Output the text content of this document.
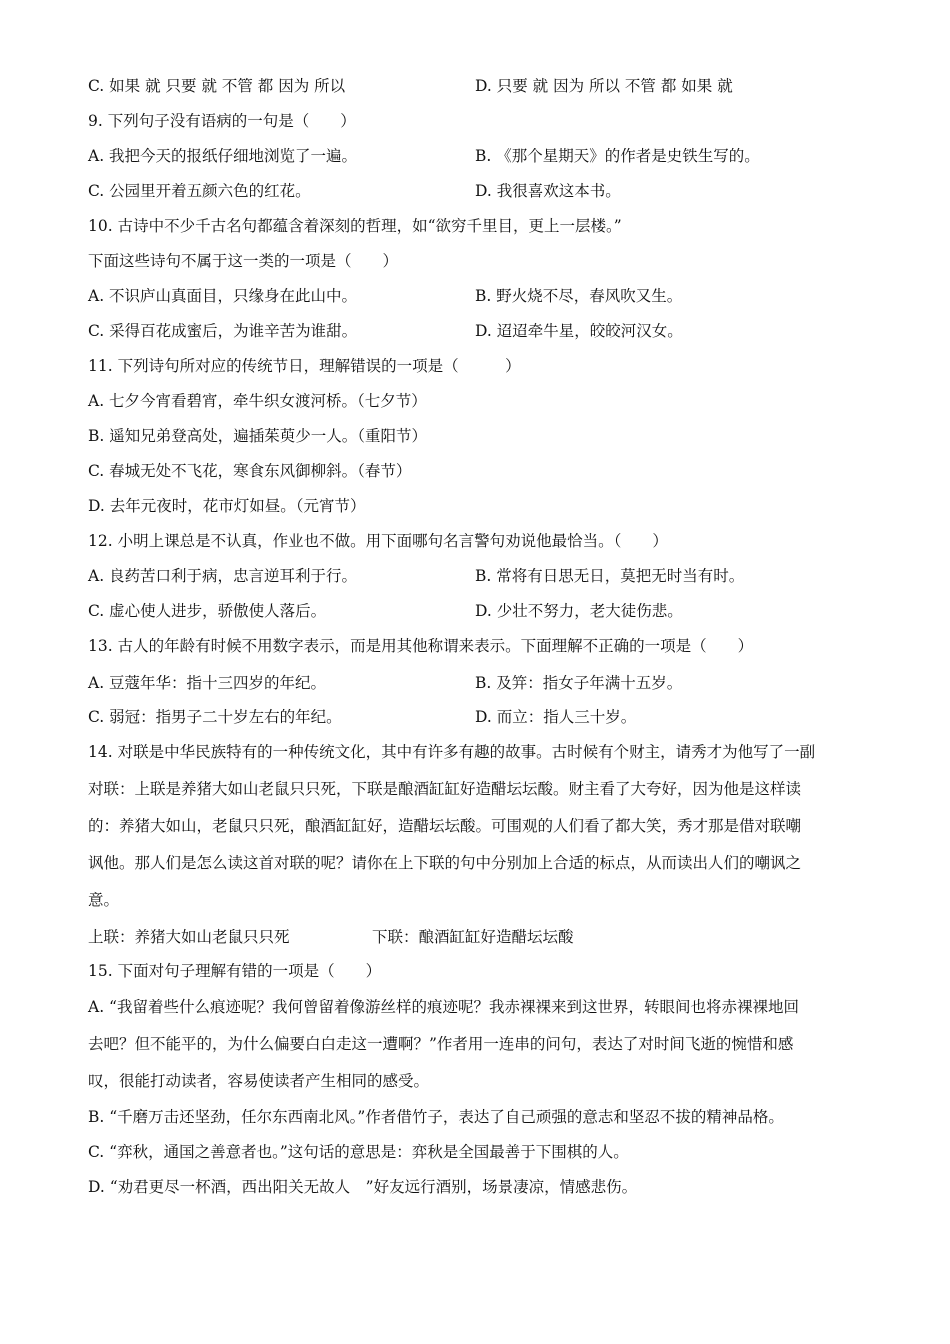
C. 如果 就 只要 就 不管 都 因为 所以	D. 只要 就 因为 所以 不管 都 如果 就
9. 下列句子没有语病的一句是（　　）
A. 我把今天的报纸仔细地浏览了一遍。	B. 《那个星期天》的作者是史铁生写的。
C. 公园里开着五颜六色的红花。	D. 我很喜欢这本书。
10. 古诗中不少千古名句都蕴含着深刻的哲理，如“欲穷千里目，更上一层楼。”
下面这些诗句不属于这一类的一项是（　　）
A. 不识庐山真面目，只缘身在此山中。	B. 野火烧不尽，春风吹又生。
C. 采得百花成蜜后，为谁辛苦为谁甜。	D. 迢迢牵牛星，皎皎河汉女。
11. 下列诗句所对应的传统节日，理解错误的一项是（　　　）
A. 七夕今宵看碧宵，牵牛织女渡河桥。（七夕节）
B. 遥知兄弟登高处，遍插茱萸少一人。（重阳节）
C. 春城无处不飞花，寒食东风御柳斜。（春节）
D. 去年元夜时，花市灯如昼。（元宵节）
12. 小明上课总是不认真，作业也不做。用下面哪句名言警句劝说他最恰当。（　　）
A. 良药苦口利于病，忠言逆耳利于行。	B. 常将有日思无日，莫把无时当有时。
C. 虚心使人进步，骄傲使人落后。	D. 少壮不努力，老大徒伤悲。
13. 古人的年龄有时候不用数字表示，而是用其他称谓来表示。下面理解不正确的一项是（　　）
A. 豆蔻年华：指十三四岁的年纪。	B. 及笄：指女子年满十五岁。
C. 弱冠：指男子二十岁左右的年纪。	D. 而立：指人三十岁。
14. 对联是中华民族特有的一种传统文化，其中有许多有趣的故事。古时候有个财主，请秀才为他写了一副
对联：上联是养猪大如山老鼠只只死，下联是酿酒缸缸好造醋坛坛酸。财主看了大夸好，因为他是这样读
的：养猪大如山，老鼠只只死，酿酒缸缸好，造醋坛坛酸。可围观的人们看了都大笑，秀才那是借对联嘲
讽他。那人们是怎么读这首对联的呢？请你在上下联的句中分别加上合适的标点，从而读出人们的嘲讽之
意。
上联：养猪大如山老鼠只只死	下联：酿酒缸缸好造醋坛坛酸
15. 下面对句子理解有错的一项是（　　）
A. “我留着些什么痕迹呢？我何曾留着像游丝样的痕迹呢？我赤裸裸来到这世界，转眼间也将赤裸裸地回
去吧？但不能平的，为什么偏要白白走这一遭啊？”作者用一连串的问句，表达了对时间飞逝的惋惜和感
叹，很能打动读者，容易使读者产生相同的感受。
B. “千磨万击还坚劲，任尔东西南北风。”作者借竹子，表达了自己顽强的意志和坚忍不拔的精神品格。
C. “弈秋，通国之善意者也。”这句话的意思是：弈秋是全国最善于下围棋的人。
D. “劝君更尽一杯酒，西出阳关无故人　”好友远行酒别，场景凄凉，情感悲伤。
